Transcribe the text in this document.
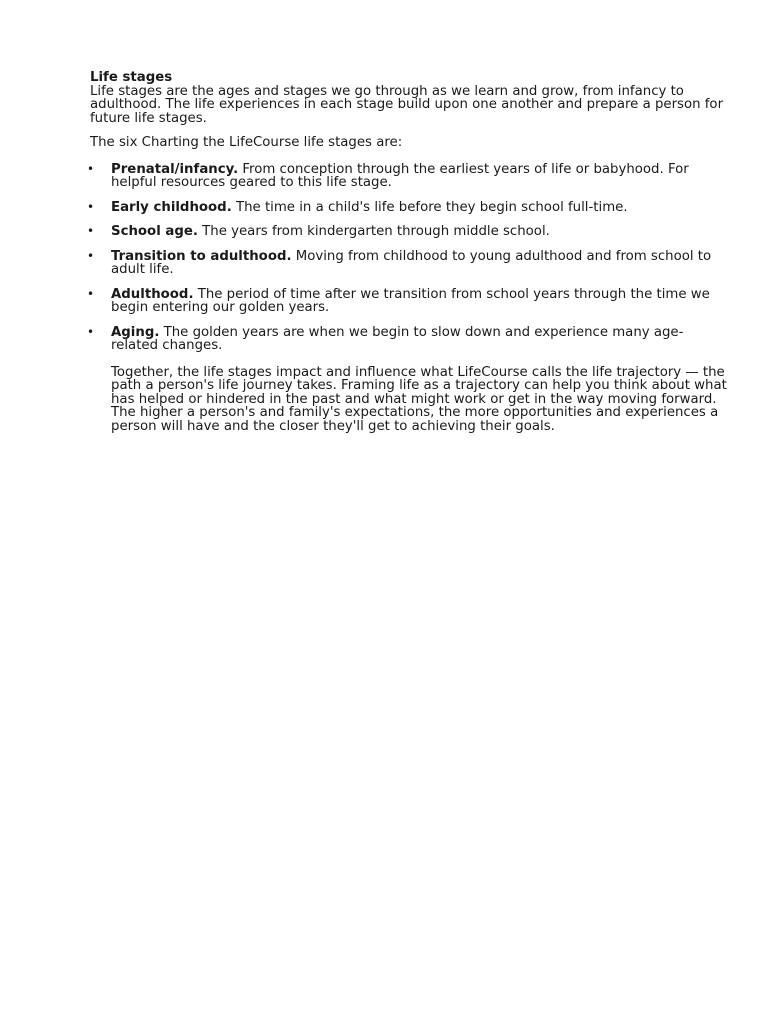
Life stages

Life stages are the ages and stages we go through as we learn and grow, from infancy to adulthood. The life experiences in each stage build upon one another and prepare a person for future life stages.

The six Charting the LifeCourse life stages are:

• Prenatal/infancy. From conception through the earliest years of life or babyhood. For helpful resources geared to this life stage.
• Early childhood. The time in a child's life before they begin school full-time.
• School age. The years from kindergarten through middle school.
• Transition to adulthood. Moving from childhood to young adulthood and from school to adult life.
• Adulthood. The period of time after we transition from school years through the time we begin entering our golden years.
• Aging. The golden years are when we begin to slow down and experience many age-related changes.

Together, the life stages impact and influence what LifeCourse calls the life trajectory — the path a person's life journey takes. Framing life as a trajectory can help you think about what has helped or hindered in the past and what might work or get in the way moving forward. The higher a person's and family's expectations, the more opportunities and experiences a person will have and the closer they'll get to achieving their goals.
